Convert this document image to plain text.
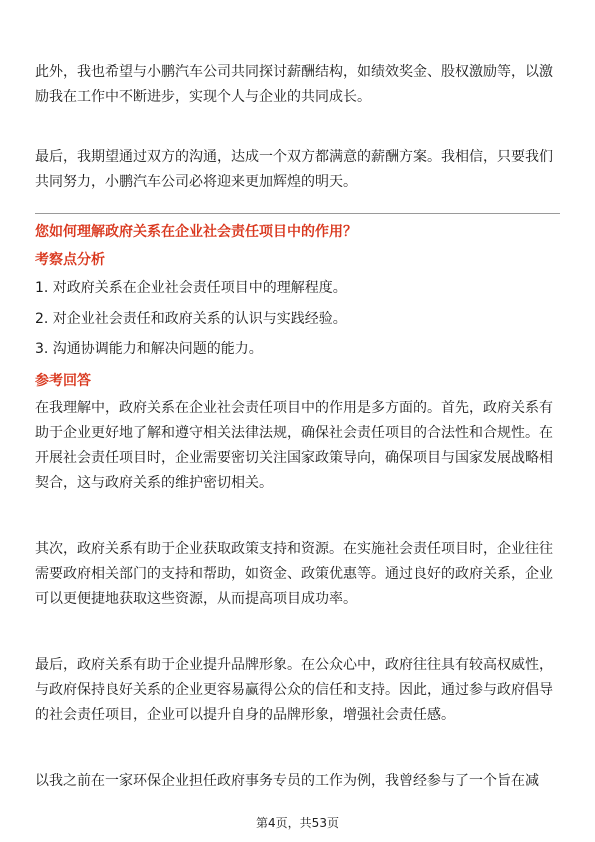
此外，我也希望与小鹏汽车公司共同探讨薪酬结构，如绩效奖金、股权激励等，以激励我在工作中不断进步，实现个人与企业的共同成长。

最后，我期望通过双方的沟通，达成一个双方都满意的薪酬方案。我相信，只要我们共同努力，小鹏汽车公司必将迎来更加辉煌的明天。

您如何理解政府关系在企业社会责任项目中的作用？

考察点分析

1. 对政府关系在企业社会责任项目中的理解程度。

2. 对企业社会责任和政府关系的认识与实践经验。

3. 沟通协调能力和解决问题的能力。

参考回答

在我理解中，政府关系在企业社会责任项目中的作用是多方面的。首先，政府关系有助于企业更好地了解和遵守相关法律法规，确保社会责任项目的合法性和合规性。在开展社会责任项目时，企业需要密切关注国家政策导向，确保项目与国家发展战略相契合，这与政府关系的维护密切相关。

其次，政府关系有助于企业获取政策支持和资源。在实施社会责任项目时，企业往往需要政府相关部门的支持和帮助，如资金、政策优惠等。通过良好的政府关系，企业可以更便捷地获取这些资源，从而提高项目成功率。

最后，政府关系有助于企业提升品牌形象。在公众心中，政府往往具有较高权威性，与政府保持良好关系的企业更容易赢得公众的信任和支持。因此，通过参与政府倡导的社会责任项目，企业可以提升自身的品牌形象，增强社会责任感。

以我之前在一家环保企业担任政府事务专员的工作为例，我曾经参与了一个旨在减

第4页，共53页
